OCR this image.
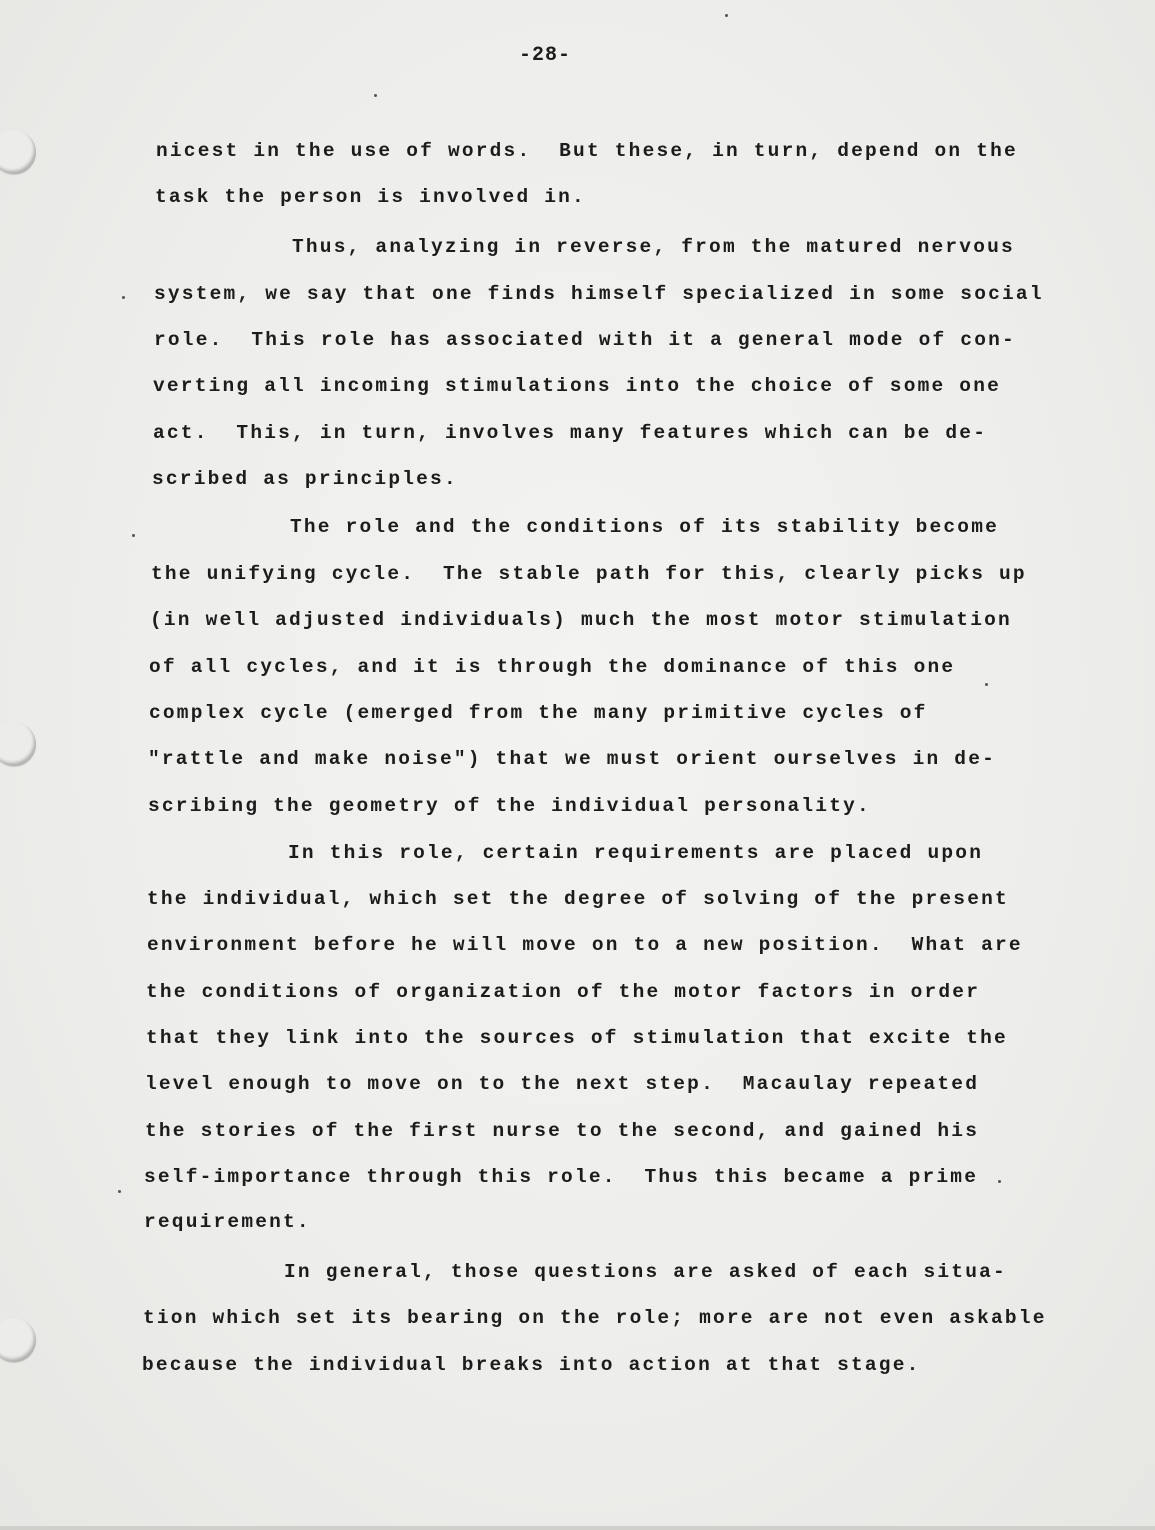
-28-
nicest in the use of words.  But these, in turn, depend on the
task the person is involved in.
Thus, analyzing in reverse, from the matured nervous
system, we say that one finds himself specialized in some social
role.  This role has associated with it a general mode of con-
verting all incoming stimulations into the choice of some one
act.  This, in turn, involves many features which can be de-
scribed as principles.
The role and the conditions of its stability become
the unifying cycle.  The stable path for this, clearly picks up
(in well adjusted individuals) much the most motor stimulation
of all cycles, and it is through the dominance of this one
complex cycle (emerged from the many primitive cycles of
"rattle and make noise") that we must orient ourselves in de-
scribing the geometry of the individual personality.
In this role, certain requirements are placed upon
the individual, which set the degree of solving of the present
environment before he will move on to a new position.  What are
the conditions of organization of the motor factors in order
that they link into the sources of stimulation that excite the
level enough to move on to the next step.  Macaulay repeated
the stories of the first nurse to the second, and gained his
self-importance through this role.  Thus this became a prime
requirement.
In general, those questions are asked of each situa-
tion which set its bearing on the role; more are not even askable
because the individual breaks into action at that stage.
